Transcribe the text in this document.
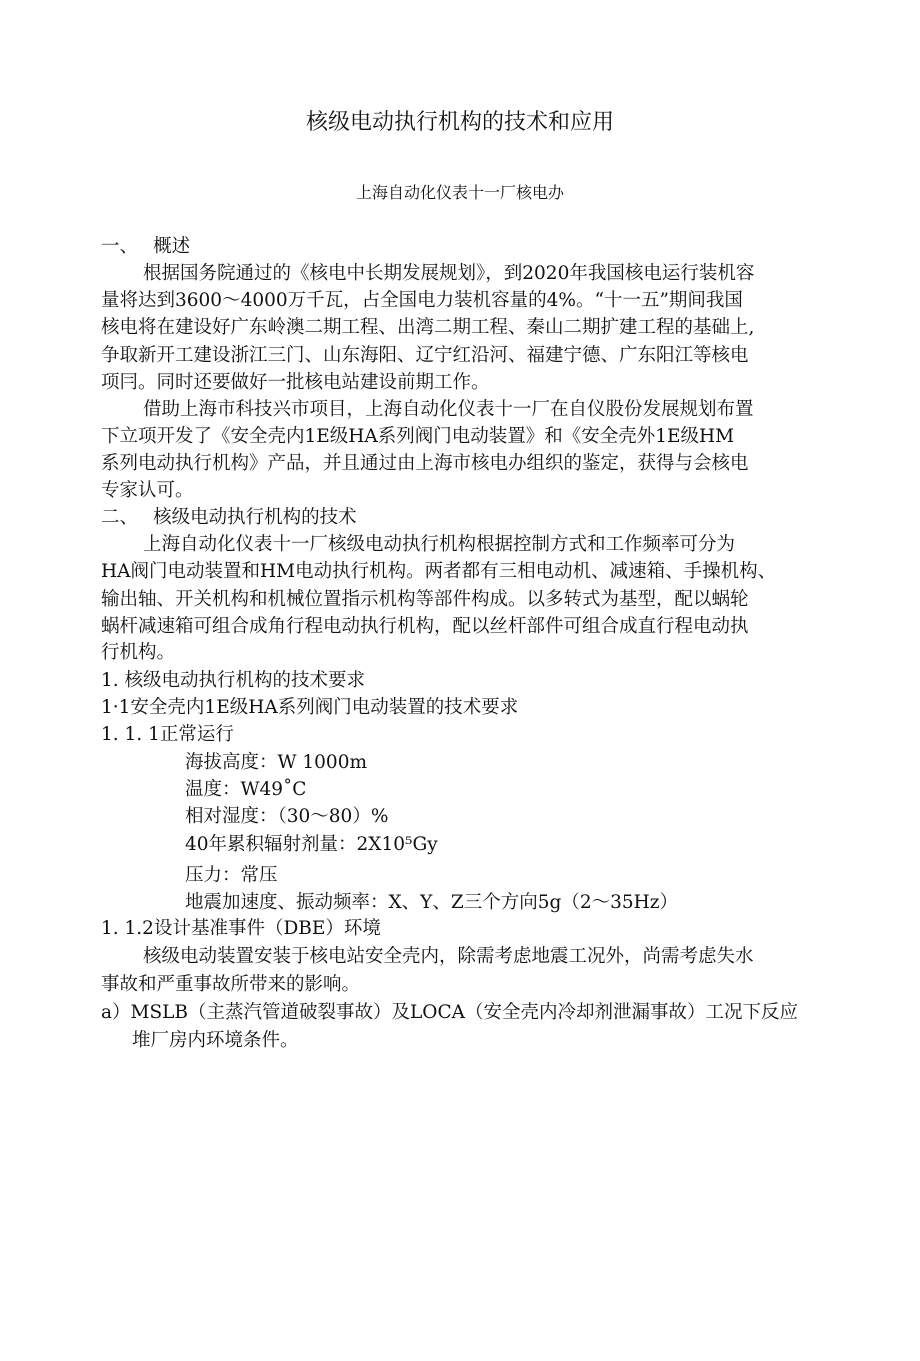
核级电动执行机构的技术和应用
上海自动化仪表十一厂核电办
一、　 概述
根据国务院通过的《核电中长期发展规划》，到2020年我国核电运行装机容
量将达到3600～4000万千瓦，占全国电力装机容量的4%。“十一五”期间我国
核电将在建设好广东岭澳二期工程、出湾二期工程、秦山二期扩建工程的基础上,
争取新开工建设浙江三门、山东海阳、辽宁红沿河、福建宁德、广东阳江等核电
项冃。同时还要做好一批核电站建设前期工作。
借助上海市科技兴市项目，上海自动化仪表十一厂在自仪股份发展规划布置
下立项开发了《安全壳内1E级HA系列阀门电动装置》和《安全壳外1E级HM
系列电动执行机构》产品，并且通过由上海市核电办组织的鉴定，获得与会核电
专家认可。
二、　 核级电动执行机构的技术
上海自动化仪表十一厂核级电动执行机构根据控制方式和工作频率可分为
HA阀门电动装置和HM电动执行机构。两者都有三相电动机、减速箱、手操机构、
输出轴、开关机构和机械位置指示机构等部件构成。以多转式为基型，配以蜗轮
蜗杆减速箱可组合成角行程电动执行机构，配以丝杆部件可组合成直行程电动执
行机构。
1. 核级电动执行机构的技术要求
1·1安全壳内1E级HA系列阀门电动装置的技术要求
1. 1. 1正常运行
海拔高度：W 1000m
温度：W49˚C
相对湿度：（30～80）%
40年累积辐射剂量：2X10⁵Gy
压力：常压
地震加速度、振动频率：X、Y、Z三个方向5g（2～35Hz）
1. 1.2设计基准事件（DBE）环境
核级电动装置安装于核电站安全壳内，除需考虑地震工况外，尚需考虑失水
事故和严重事故所带来的影响。
a）MSLB（主蒸汽管道破裂事故）及LOCA（安全壳内冷却剂泄漏事故）工况下反应
堆厂房内环境条件。
